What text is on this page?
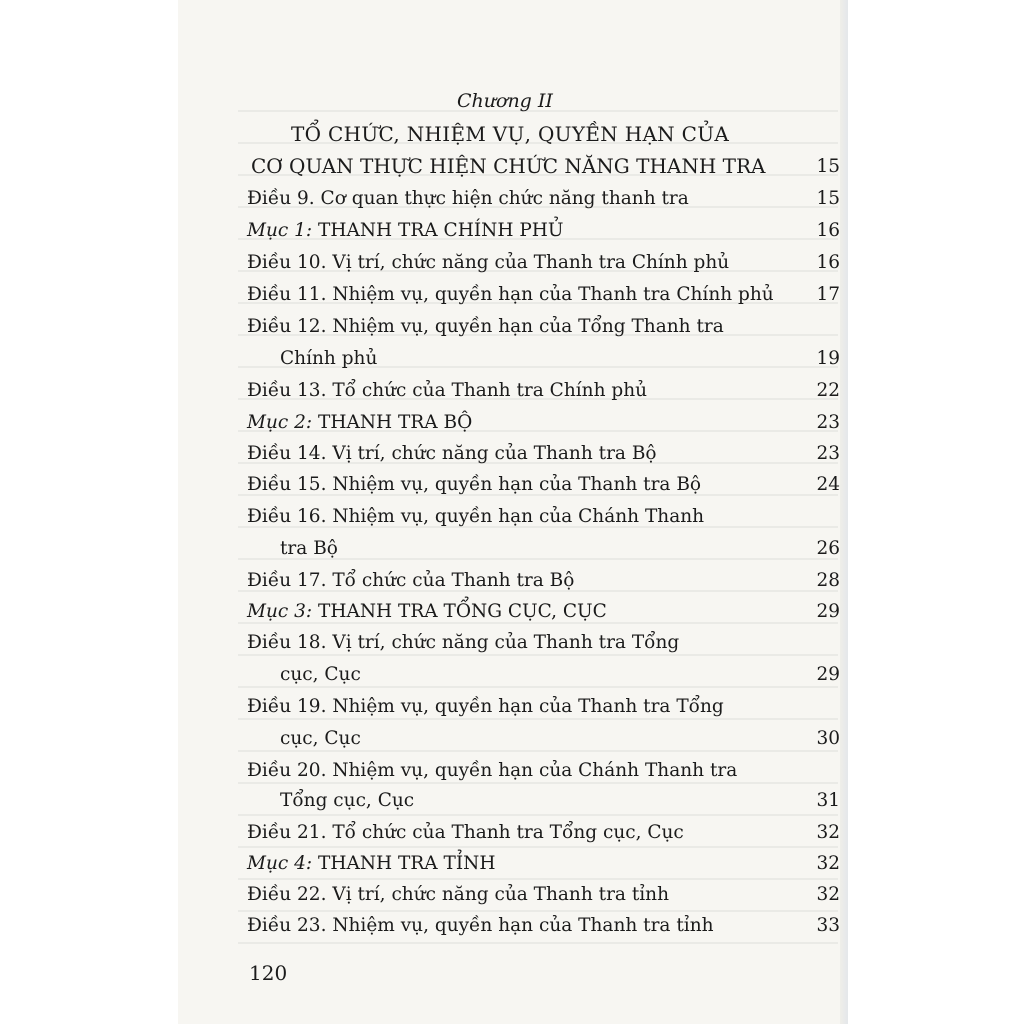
Chương II
TỔ CHỨC, NHIỆM VỤ, QUYỀN HẠN CỦA
CƠ QUAN THỰC HIỆN CHỨC NĂNG THANH TRA	15
Điều 9. Cơ quan thực hiện chức năng thanh tra	15
Mục 1: THANH TRA CHÍNH PHỦ	16
Điều 10. Vị trí, chức năng của Thanh tra Chính phủ	16
Điều 11. Nhiệm vụ, quyền hạn của Thanh tra Chính phủ	17
Điều 12. Nhiệm vụ, quyền hạn của Tổng Thanh tra
Chính phủ	19
Điều 13. Tổ chức của Thanh tra Chính phủ	22
Mục 2: THANH TRA BỘ	23
Điều 14. Vị trí, chức năng của Thanh tra Bộ	23
Điều 15. Nhiệm vụ, quyền hạn của Thanh tra Bộ	24
Điều 16. Nhiệm vụ, quyền hạn của Chánh Thanh
tra Bộ	26
Điều 17. Tổ chức của Thanh tra Bộ	28
Mục 3: THANH TRA TỔNG CỤC, CỤC	29
Điều 18. Vị trí, chức năng của Thanh tra Tổng
cục, Cục	29
Điều 19. Nhiệm vụ, quyền hạn của Thanh tra Tổng
cục, Cục	30
Điều 20. Nhiệm vụ, quyền hạn của Chánh Thanh tra
Tổng cục, Cục	31
Điều 21. Tổ chức của Thanh tra Tổng cục, Cục	32
Mục 4: THANH TRA TỈNH	32
Điều 22. Vị trí, chức năng của Thanh tra tỉnh	32
Điều 23. Nhiệm vụ, quyền hạn của Thanh tra tỉnh	33
120
